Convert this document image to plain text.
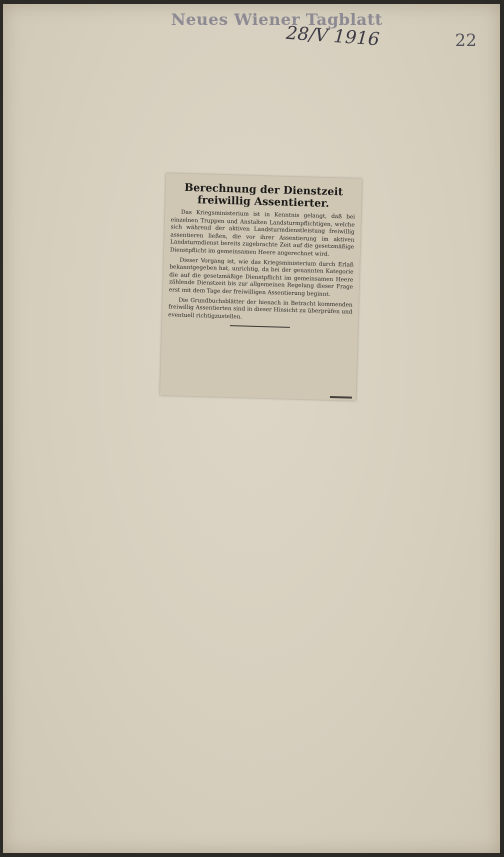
Neues Wiener Tagblatt
28/V 1916	22
Berechnung der Dienstzeit freiwillig Assentierter.

Das Kriegsministerium ist in Kenntnis gelangt, daß bei einzelnen Truppen und Anstalten Landsturmpflichtigen, welche sich während der aktiven Landsturmdienstleistung freiwillig assentieren ließen, die vor ihrer Assentierung im aktiven Landsturmdienst bereits zugebrachte Zeit auf die gesetzmäßige Dienstpflicht im gemeinsamen Heere angerechnet wird.

Dieser Vorgang ist, wie das Kriegsministerium durch Erlaß bekanntgegeben hat, unrichtig, da bei der genannten Kategorie die auf die gesetzmäßige Dienstpflicht im gemeinsamen Heere zählende Dienstzeit bis zur allgemeinen Regelung dieser Frage erst mit dem Tage der freiwilligen Assentierung beginnt.

Die Grundbuchsblätter der hienach in Betracht kommenden freiwillig Assentierten sind in dieser Hinsicht zu überprüfen und eventuell richtigzustellen.
